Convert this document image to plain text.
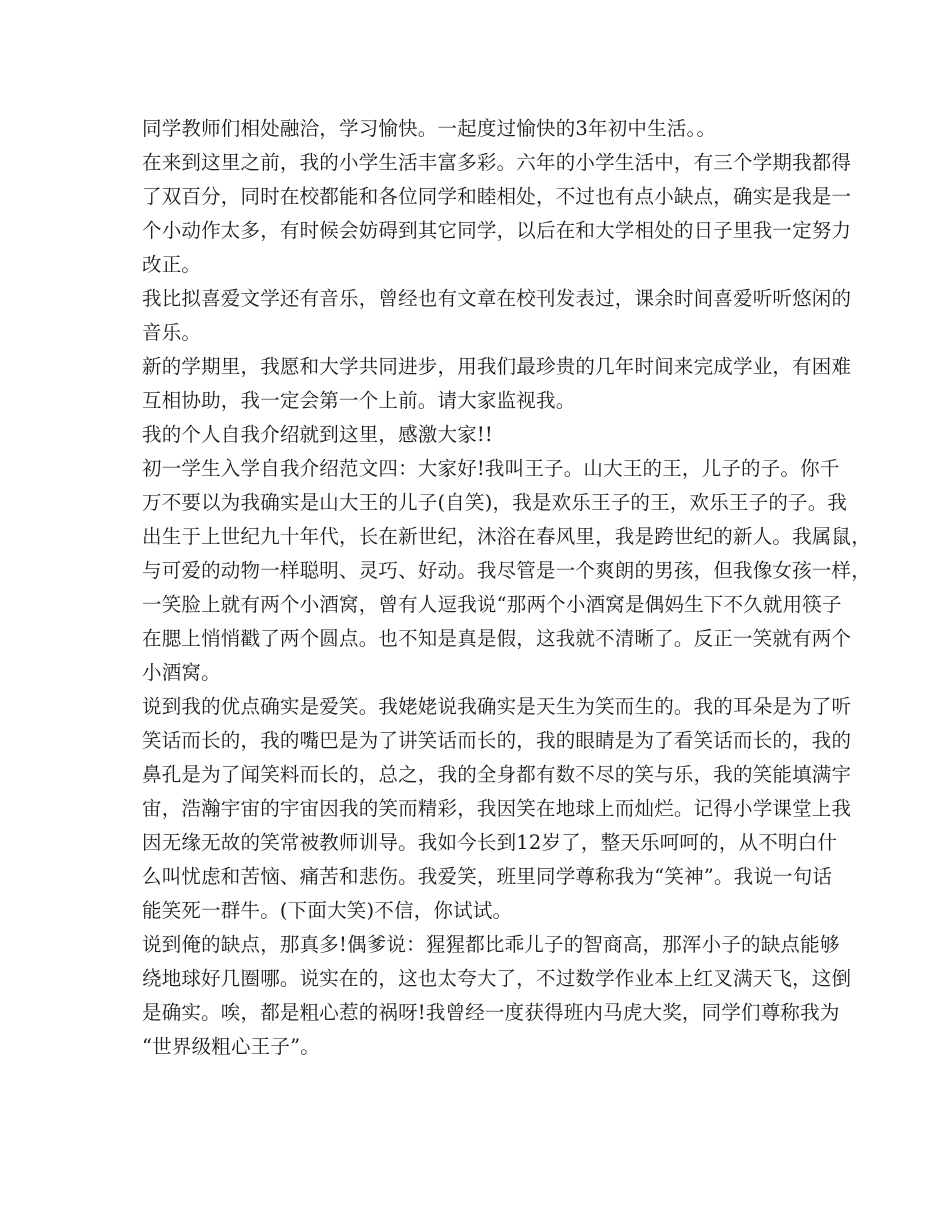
同学教师们相处融洽，学习愉快。一起度过愉快的3年初中生活。。
在来到这里之前，我的小学生活丰富多彩。六年的小学生活中，有三个学期我都得
了双百分，同时在校都能和各位同学和睦相处，不过也有点小缺点，确实是我是一
个小动作太多，有时候会妨碍到其它同学，以后在和大学相处的日子里我一定努力
改正。
我比拟喜爱文学还有音乐，曾经也有文章在校刊发表过，课余时间喜爱听听悠闲的
音乐。
新的学期里，我愿和大学共同进步，用我们最珍贵的几年时间来完成学业，有困难
互相协助，我一定会第一个上前。请大家监视我。
我的个人自我介绍就到这里，感激大家!!
初一学生入学自我介绍范文四：大家好!我叫王子。山大王的王，儿子的子。你千
万不要以为我确实是山大王的儿子(自笑)，我是欢乐王子的王，欢乐王子的子。我
出生于上世纪九十年代，长在新世纪，沐浴在春风里，我是跨世纪的新人。我属鼠，
与可爱的动物一样聪明、灵巧、好动。我尽管是一个爽朗的男孩，但我像女孩一样，
一笑脸上就有两个小酒窝，曾有人逗我说“那两个小酒窝是偶妈生下不久就用筷子
在腮上悄悄戳了两个圆点。也不知是真是假，这我就不清晰了。反正一笑就有两个
小酒窝。
说到我的优点确实是爱笑。我姥姥说我确实是天生为笑而生的。我的耳朵是为了听
笑话而长的，我的嘴巴是为了讲笑话而长的，我的眼睛是为了看笑话而长的，我的
鼻孔是为了闻笑料而长的，总之，我的全身都有数不尽的笑与乐，我的笑能填满宇
宙，浩瀚宇宙的宇宙因我的笑而精彩，我因笑在地球上而灿烂。记得小学课堂上我
因无缘无故的笑常被教师训导。我如今长到12岁了，整天乐呵呵的，从不明白什
么叫忧虑和苦恼、痛苦和悲伤。我爱笑，班里同学尊称我为“笑神”。我说一句话
能笑死一群牛。(下面大笑)不信，你试试。
说到俺的缺点，那真多!偶爹说：猩猩都比乖儿子的智商高，那浑小子的缺点能够
绕地球好几圈哪。说实在的，这也太夸大了，不过数学作业本上红叉满天飞，这倒
是确实。唉，都是粗心惹的祸呀!我曾经一度获得班内马虎大奖，同学们尊称我为
“世界级粗心王子”。
